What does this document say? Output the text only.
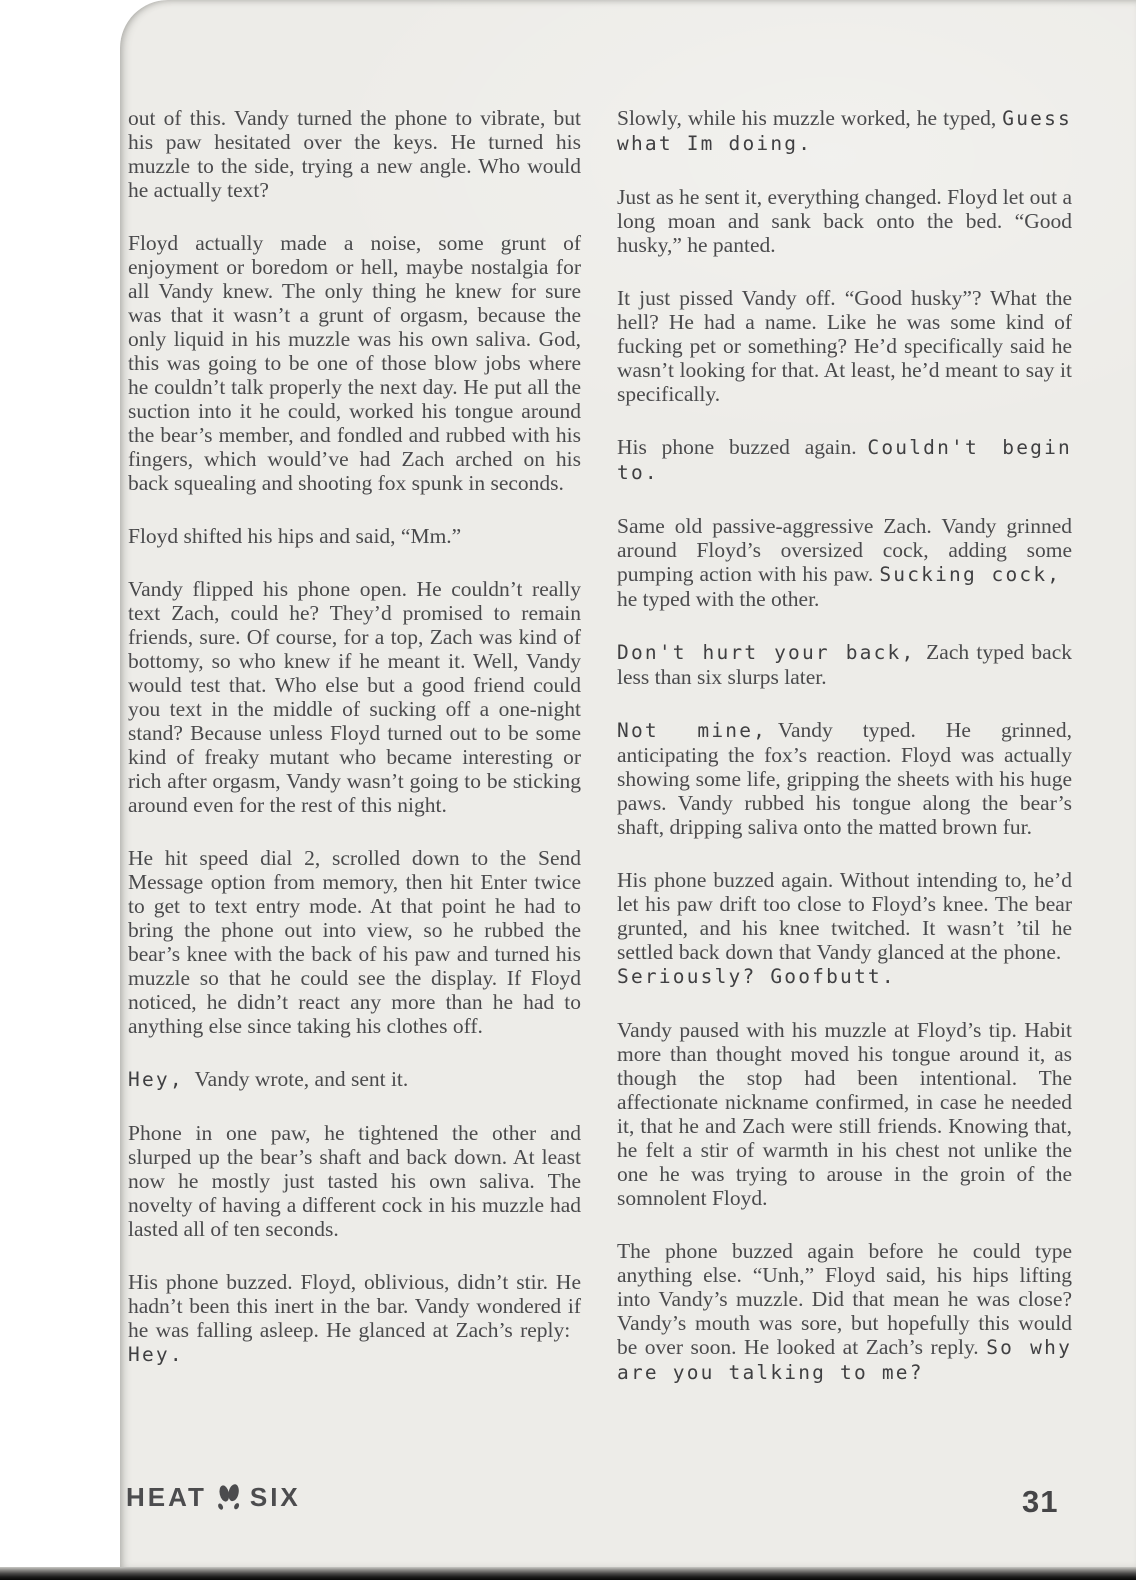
out of this. Vandy turned the phone to vibrate, but his paw hesitated over the keys. He turned his muzzle to the side, trying a new angle. Who would he actually text?

Floyd actually made a noise, some grunt of enjoyment or boredom or hell, maybe nostalgia for all Vandy knew. The only thing he knew for sure was that it wasn’t a grunt of orgasm, because the only liquid in his muzzle was his own saliva. God, this was going to be one of those blow jobs where he couldn’t talk properly the next day. He put all the suction into it he could, worked his tongue around the bear’s member, and fondled and rubbed with his fingers, which would’ve had Zach arched on his back squealing and shooting fox spunk in seconds.

Floyd shifted his hips and said, “Mm.”

Vandy flipped his phone open. He couldn’t really text Zach, could he? They’d promised to remain friends, sure. Of course, for a top, Zach was kind of bottomy, so who knew if he meant it. Well, Vandy would test that. Who else but a good friend could you text in the middle of sucking off a one-night stand? Because unless Floyd turned out to be some kind of freaky mutant who became interesting or rich after orgasm, Vandy wasn’t going to be sticking around even for the rest of this night.

He hit speed dial 2, scrolled down to the Send Message option from memory, then hit Enter twice to get to text entry mode. At that point he had to bring the phone out into view, so he rubbed the bear’s knee with the back of his paw and turned his muzzle so that he could see the display. If Floyd noticed, he didn’t react any more than he had to anything else since taking his clothes off.

Hey, Vandy wrote, and sent it.

Phone in one paw, he tightened the other and slurped up the bear’s shaft and back down. At least now he mostly just tasted his own saliva. The novelty of having a different cock in his muzzle had lasted all of ten seconds.

His phone buzzed. Floyd, oblivious, didn’t stir. He hadn’t been this inert in the bar. Vandy wondered if he was falling asleep. He glanced at Zach’s reply: Hey.

Slowly, while his muzzle worked, he typed, Guess what Im doing.

Just as he sent it, everything changed. Floyd let out a long moan and sank back onto the bed. “Good husky,” he panted.

It just pissed Vandy off. “Good husky”? What the hell? He had a name. Like he was some kind of fucking pet or something? He’d specifically said he wasn’t looking for that. At least, he’d meant to say it specifically.

His phone buzzed again. Couldn't begin to.

Same old passive-aggressive Zach. Vandy grinned around Floyd’s oversized cock, adding some pumping action with his paw. Sucking cock, he typed with the other.

Don't hurt your back, Zach typed back less than six slurps later.

Not mine, Vandy typed. He grinned, anticipating the fox’s reaction. Floyd was actually showing some life, gripping the sheets with his huge paws. Vandy rubbed his tongue along the bear’s shaft, dripping saliva onto the matted brown fur.

His phone buzzed again. Without intending to, he’d let his paw drift too close to Floyd’s knee. The bear grunted, and his knee twitched. It wasn’t ’til he settled back down that Vandy glanced at the phone. Seriously? Goofbutt.

Vandy paused with his muzzle at Floyd’s tip. Habit more than thought moved his tongue around it, as though the stop had been intentional. The affectionate nickname confirmed, in case he needed it, that he and Zach were still friends. Knowing that, he felt a stir of warmth in his chest not unlike the one he was trying to arouse in the groin of the somnolent Floyd.

The phone buzzed again before he could type anything else. “Unh,” Floyd said, his hips lifting into Vandy’s muzzle. Did that mean he was close? Vandy’s mouth was sore, but hopefully this would be over soon. He looked at Zach’s reply. So why are you talking to me?

HEAT SIX	31
